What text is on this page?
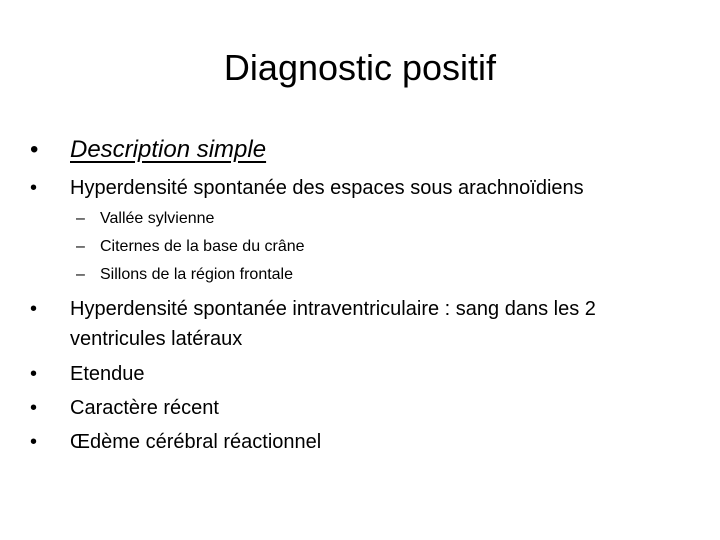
Diagnostic positif
• Description simple
• Hyperdensité spontanée des espaces sous arachnoïdiens
– Vallée sylvienne
– Citernes de la base du crâne
– Sillons de la région frontale
• Hyperdensité spontanée intraventriculaire : sang dans les 2 ventricules latéraux
• Etendue
• Caractère récent
• Œdème cérébral réactionnel
